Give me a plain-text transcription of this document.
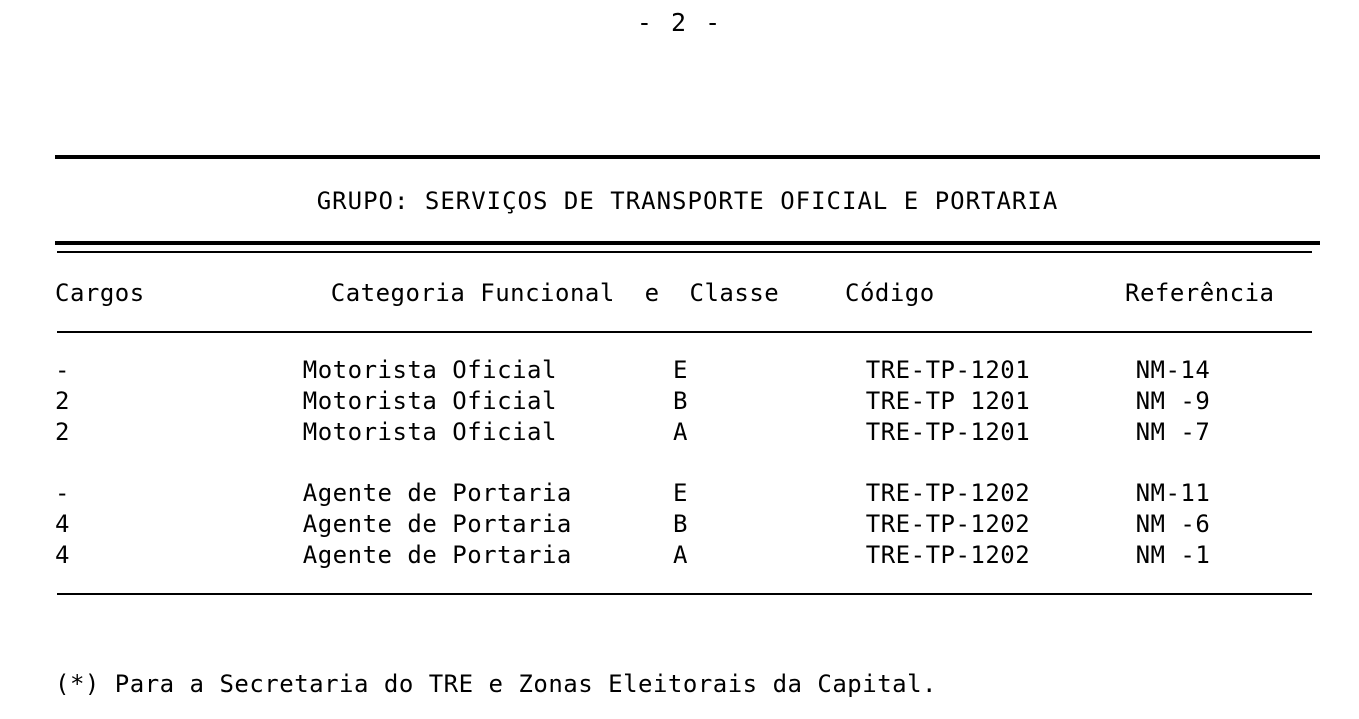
- 2 -
GRUPO: SERVIÇOS DE TRANSPORTE OFICIAL E PORTARIA
Cargos	Categoria Funcional  e  Classe	Código	Referência

-	Motorista Oficial	E	TRE-TP-1201	NM-14
2	Motorista Oficial	B	TRE-TP 1201	NM -9
2	Motorista Oficial	A	TRE-TP-1201	NM -7

-	Agente de Portaria	E	TRE-TP-1202	NM-11
4	Agente de Portaria	B	TRE-TP-1202	NM -6
4	Agente de Portaria	A	TRE-TP-1202	NM -1

(*) Para a Secretaria do TRE e Zonas Eleitorais da Capital.
